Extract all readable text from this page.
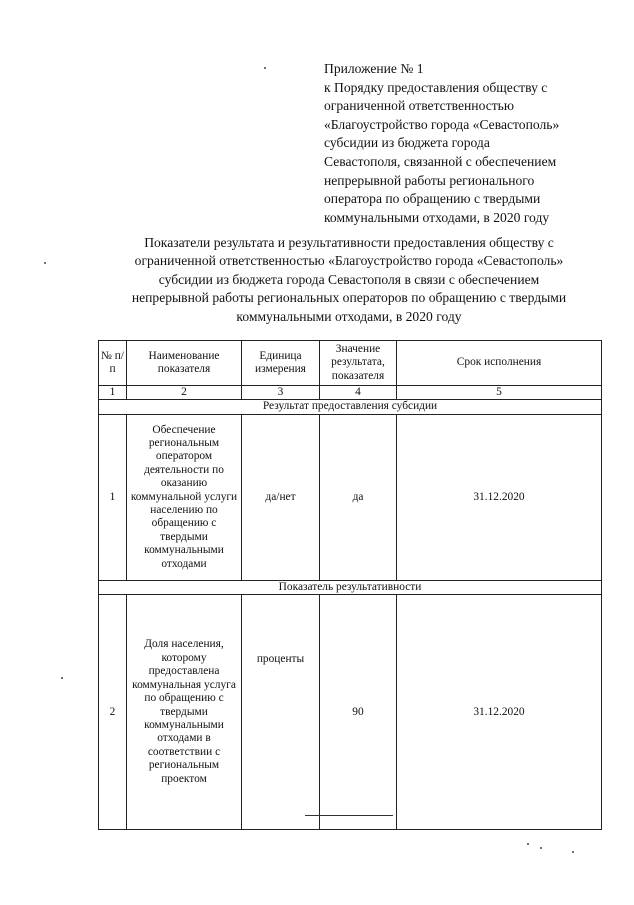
Приложение № 1
к Порядку предоставления обществу с
ограниченной ответственностью
«Благоустройство города «Севастополь»
субсидии из бюджета города
Севастополя, связанной с обеспечением
непрерывной работы регионального
оператора по обращению с твердыми
коммунальными отходами, в 2020 году
Показатели результата и результативности предоставления обществу с
ограниченной ответственностью «Благоустройство города «Севастополь»
субсидии из бюджета города Севастополя в связи с обеспечением
непрерывной работы региональных операторов по обращению с твердыми
коммунальными отходами, в 2020 году
№ п/п	Наименование показателя	Единица измерения	Значение результата, показателя	Срок исполнения
1	2	3	4	5
Результат предоставления субсидии				
1	Обеспечение региональным оператором деятельности по оказанию коммунальной услуги населению по обращению с твердыми коммунальными отходами	да/нет	да	31.12.2020
Показатель результативности				
2	Доля населения, которому предоставлена коммунальная услуга по обращению с твердыми коммунальными отходами в соответствии с региональным проектом	проценты	90	31.12.2020
